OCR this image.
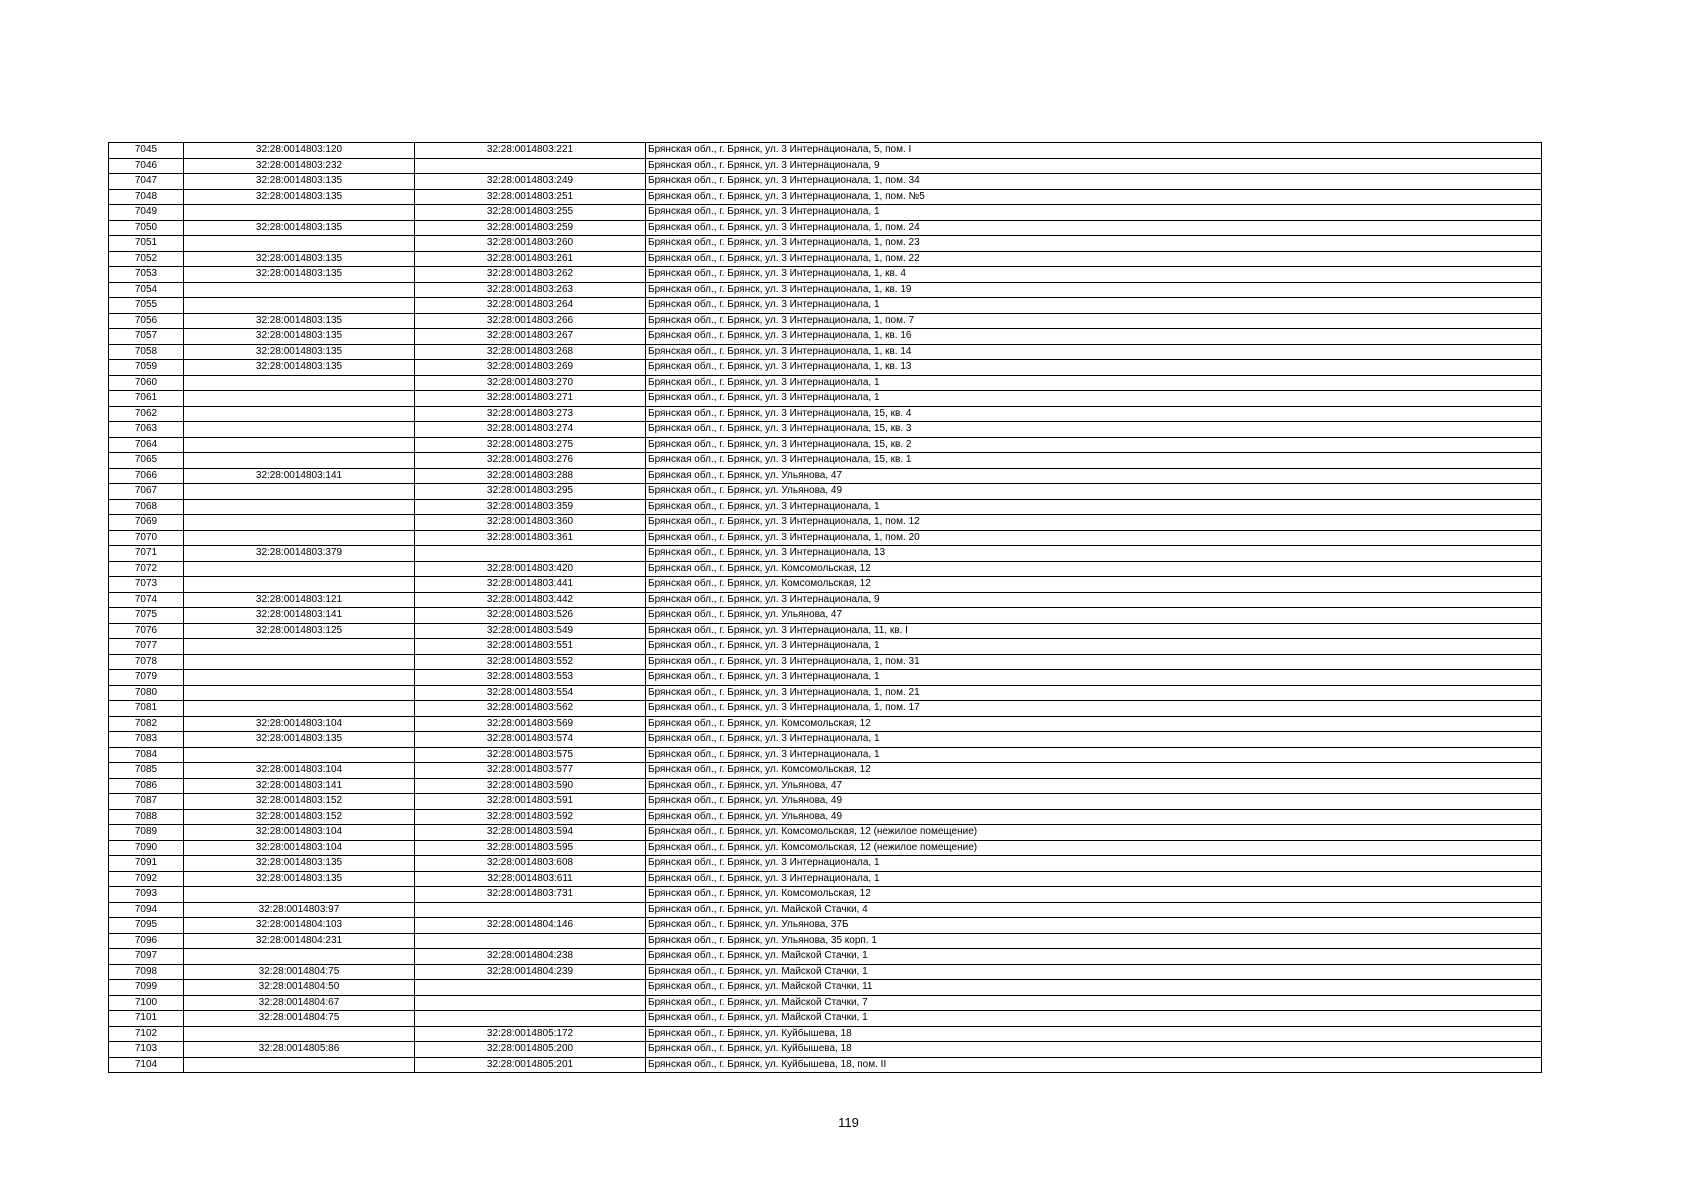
7045	32:28:0014803:120	32:28:0014803:221	Брянская обл., г. Брянск, ул. 3 Интернационала, 5, пом. I
7046	32:28:0014803:232		Брянская обл., г. Брянск, ул. 3 Интернационала, 9
7047	32:28:0014803:135	32:28:0014803:249	Брянская обл., г. Брянск, ул. 3 Интернационала, 1, пом. 34
7048	32:28:0014803:135	32:28:0014803:251	Брянская обл., г. Брянск, ул. 3 Интернационала, 1, пом. №5
7049		32:28:0014803:255	Брянская обл., г. Брянск, ул. 3 Интернационала, 1
7050	32:28:0014803:135	32:28:0014803:259	Брянская обл., г. Брянск, ул. 3 Интернационала, 1, пом. 24
7051		32:28:0014803:260	Брянская обл., г. Брянск, ул. 3 Интернационала, 1, пом. 23
7052	32:28:0014803:135	32:28:0014803:261	Брянская обл., г. Брянск, ул. 3 Интернационала, 1, пом. 22
7053	32:28:0014803:135	32:28:0014803:262	Брянская обл., г. Брянск, ул. 3 Интернационала, 1, кв. 4
7054		32:28:0014803:263	Брянская обл., г. Брянск, ул. 3 Интернационала, 1, кв. 19
7055		32:28:0014803:264	Брянская обл., г. Брянск, ул. 3 Интернационала, 1
7056	32:28:0014803:135	32:28:0014803:266	Брянская обл., г. Брянск, ул. 3 Интернационала, 1, пом. 7
7057	32:28:0014803:135	32:28:0014803:267	Брянская обл., г. Брянск, ул. 3 Интернационала, 1, кв. 16
7058	32:28:0014803:135	32:28:0014803:268	Брянская обл., г. Брянск, ул. 3 Интернационала, 1, кв. 14
7059	32:28:0014803:135	32:28:0014803:269	Брянская обл., г. Брянск, ул. 3 Интернационала, 1, кв. 13
7060		32:28:0014803:270	Брянская обл., г. Брянск, ул. 3 Интернационала, 1
7061		32:28:0014803:271	Брянская обл., г. Брянск, ул. 3 Интернационала, 1
7062		32:28:0014803:273	Брянская обл., г. Брянск, ул. 3 Интернационала, 15, кв. 4
7063		32:28:0014803:274	Брянская обл., г. Брянск, ул. 3 Интернационала, 15, кв. 3
7064		32:28:0014803:275	Брянская обл., г. Брянск, ул. 3 Интернационала, 15, кв. 2
7065		32:28:0014803:276	Брянская обл., г. Брянск, ул. 3 Интернационала, 15, кв. 1
7066	32:28:0014803:141	32:28:0014803:288	Брянская обл., г. Брянск, ул. Ульянова, 47
7067		32:28:0014803:295	Брянская обл., г. Брянск, ул. Ульянова, 49
7068		32:28:0014803:359	Брянская обл., г. Брянск, ул. 3 Интернационала, 1
7069		32:28:0014803:360	Брянская обл., г. Брянск, ул. 3 Интернационала, 1, пом. 12
7070		32:28:0014803:361	Брянская обл., г. Брянск, ул. 3 Интернационала, 1, пом. 20
7071	32:28:0014803:379		Брянская обл., г. Брянск, ул. 3 Интернационала, 13
7072		32:28:0014803:420	Брянская обл., г. Брянск, ул. Комсомольская, 12
7073		32:28:0014803:441	Брянская обл., г. Брянск, ул. Комсомольская, 12
7074	32:28:0014803:121	32:28:0014803:442	Брянская обл., г. Брянск, ул. 3 Интернационала, 9
7075	32:28:0014803:141	32:28:0014803:526	Брянская обл., г. Брянск, ул. Ульянова, 47
7076	32:28:0014803:125	32:28:0014803:549	Брянская обл., г. Брянск, ул. 3 Интернационала, 11, кв. I
7077		32:28:0014803:551	Брянская обл., г. Брянск, ул. 3 Интернационала, 1
7078		32:28:0014803:552	Брянская обл., г. Брянск, ул. 3 Интернационала, 1, пом. 31
7079		32:28:0014803:553	Брянская обл., г. Брянск, ул. 3 Интернационала, 1
7080		32:28:0014803:554	Брянская обл., г. Брянск, ул. 3 Интернационала, 1, пом. 21
7081		32:28:0014803:562	Брянская обл., г. Брянск, ул. 3 Интернационала, 1, пом. 17
7082	32:28:0014803:104	32:28:0014803:569	Брянская обл., г. Брянск, ул. Комсомольская, 12
7083	32:28:0014803:135	32:28:0014803:574	Брянская обл., г. Брянск, ул. 3 Интернационала, 1
7084		32:28:0014803:575	Брянская обл., г. Брянск, ул. 3 Интернационала, 1
7085	32:28:0014803:104	32:28:0014803:577	Брянская обл., г. Брянск, ул. Комсомольская, 12
7086	32:28:0014803:141	32:28:0014803:590	Брянская обл., г. Брянск, ул. Ульянова, 47
7087	32:28:0014803:152	32:28:0014803:591	Брянская обл., г. Брянск, ул. Ульянова, 49
7088	32:28:0014803:152	32:28:0014803:592	Брянская обл., г. Брянск, ул. Ульянова, 49
7089	32:28:0014803:104	32:28:0014803:594	Брянская обл., г. Брянск, ул. Комсомольская, 12 (нежилое помещение)
7090	32:28:0014803:104	32:28:0014803:595	Брянская обл., г. Брянск, ул. Комсомольская, 12 (нежилое помещение)
7091	32:28:0014803:135	32:28:0014803:608	Брянская обл., г. Брянск, ул. 3 Интернационала, 1
7092	32:28:0014803:135	32:28:0014803:611	Брянская обл., г. Брянск, ул. 3 Интернационала, 1
7093		32:28:0014803:731	Брянская обл., г. Брянск, ул. Комсомольская, 12
7094	32:28:0014803:97		Брянская обл., г. Брянск, ул. Майской Стачки, 4
7095	32:28:0014804:103	32:28:0014804:146	Брянская обл., г. Брянск, ул. Ульянова, 37Б
7096	32:28:0014804:231		Брянская обл., г. Брянск, ул. Ульянова, 35 корп. 1
7097		32:28:0014804:238	Брянская обл., г. Брянск, ул. Майской Стачки, 1
7098	32:28:0014804:75	32:28:0014804:239	Брянская обл., г. Брянск, ул. Майской Стачки, 1
7099	32:28:0014804:50		Брянская обл., г. Брянск, ул. Майской Стачки, 11
7100	32:28:0014804:67		Брянская обл., г. Брянск, ул. Майской Стачки, 7
7101	32:28:0014804:75		Брянская обл., г. Брянск, ул. Майской Стачки, 1
7102		32:28:0014805:172	Брянская обл., г. Брянск, ул. Куйбышева, 18
7103	32:28:0014805:86	32:28:0014805:200	Брянская обл., г. Брянск, ул. Куйбышева, 18
7104		32:28:0014805:201	Брянская обл., г. Брянск, ул. Куйбышева, 18, пом. II
119
